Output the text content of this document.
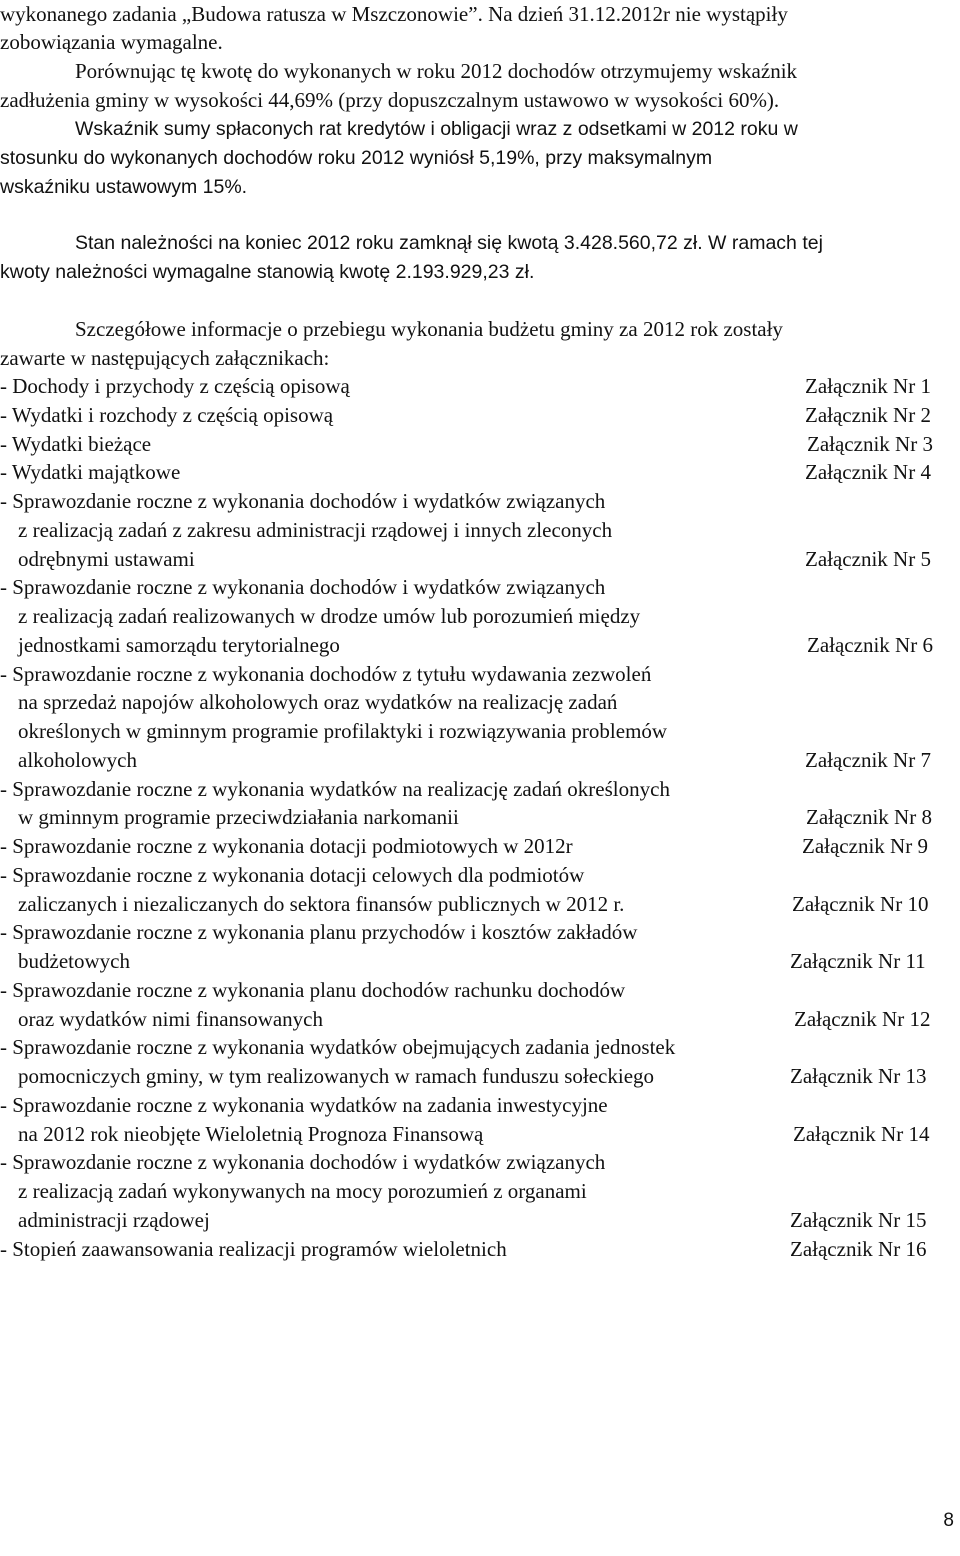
wykonanego zadania „Budowa ratusza w Mszczonowie”. Na dzień 31.12.2012r nie wystąpiły
zobowiązania wymagalne.
Porównując tę kwotę do wykonanych w roku 2012 dochodów otrzymujemy wskaźnik
zadłużenia gminy w wysokości 44,69% (przy dopuszczalnym ustawowo w wysokości 60%).
Wskaźnik sumy spłaconych rat kredytów i obligacji wraz z odsetkami w 2012 roku w
stosunku do wykonanych dochodów roku 2012 wyniósł 5,19%, przy maksymalnym
wskaźniku ustawowym 15%.
Stan należności na koniec 2012 roku zamknął się kwotą 3.428.560,72 zł. W ramach tej
kwoty należności wymagalne stanowią kwotę 2.193.929,23 zł.
Szczegółowe informacje o przebiegu wykonania budżetu gminy za 2012 rok zostały
zawarte w następujących załącznikach:
- Dochody i przychody z częścią opisową	Załącznik Nr 1
- Wydatki i rozchody z częścią opisową	Załącznik Nr 2
- Wydatki bieżące	Załącznik Nr 3
- Wydatki majątkowe	Załącznik Nr 4
- Sprawozdanie roczne z wykonania dochodów i wydatków związanych
z realizacją zadań z zakresu administracji rządowej i innych zleconych
odrębnymi ustawami	Załącznik Nr 5
- Sprawozdanie roczne z wykonania dochodów i wydatków związanych
z realizacją zadań realizowanych w drodze umów lub porozumień między
jednostkami samorządu terytorialnego	Załącznik Nr 6
- Sprawozdanie roczne z wykonania dochodów z tytułu wydawania zezwoleń
na sprzedaż napojów alkoholowych oraz wydatków na realizację zadań
określonych w gminnym programie profilaktyki i rozwiązywania problemów
alkoholowych	Załącznik Nr 7
- Sprawozdanie roczne z wykonania wydatków na realizację zadań określonych
w gminnym programie przeciwdziałania narkomanii	Załącznik Nr 8
- Sprawozdanie roczne z wykonania dotacji podmiotowych w 2012r	Załącznik Nr 9
- Sprawozdanie roczne z wykonania dotacji celowych dla podmiotów
zaliczanych i niezaliczanych do sektora finansów publicznych w 2012 r.	Załącznik Nr 10
- Sprawozdanie roczne z wykonania planu przychodów i kosztów zakładów
budżetowych	Załącznik Nr 11
- Sprawozdanie roczne z wykonania planu dochodów rachunku dochodów
oraz wydatków nimi finansowanych	Załącznik Nr 12
- Sprawozdanie roczne z wykonania wydatków obejmujących zadania jednostek
pomocniczych gminy, w tym realizowanych w ramach funduszu sołeckiego	Załącznik Nr 13
- Sprawozdanie roczne z wykonania wydatków na zadania inwestycyjne
na 2012 rok nieobjęte Wieloletnią Prognoza Finansową	Załącznik Nr 14
- Sprawozdanie roczne z wykonania dochodów i wydatków związanych
z realizacją zadań wykonywanych na mocy porozumień z organami
administracji rządowej	Załącznik Nr 15
- Stopień zaawansowania realizacji programów wieloletnich	Załącznik Nr 16
8
